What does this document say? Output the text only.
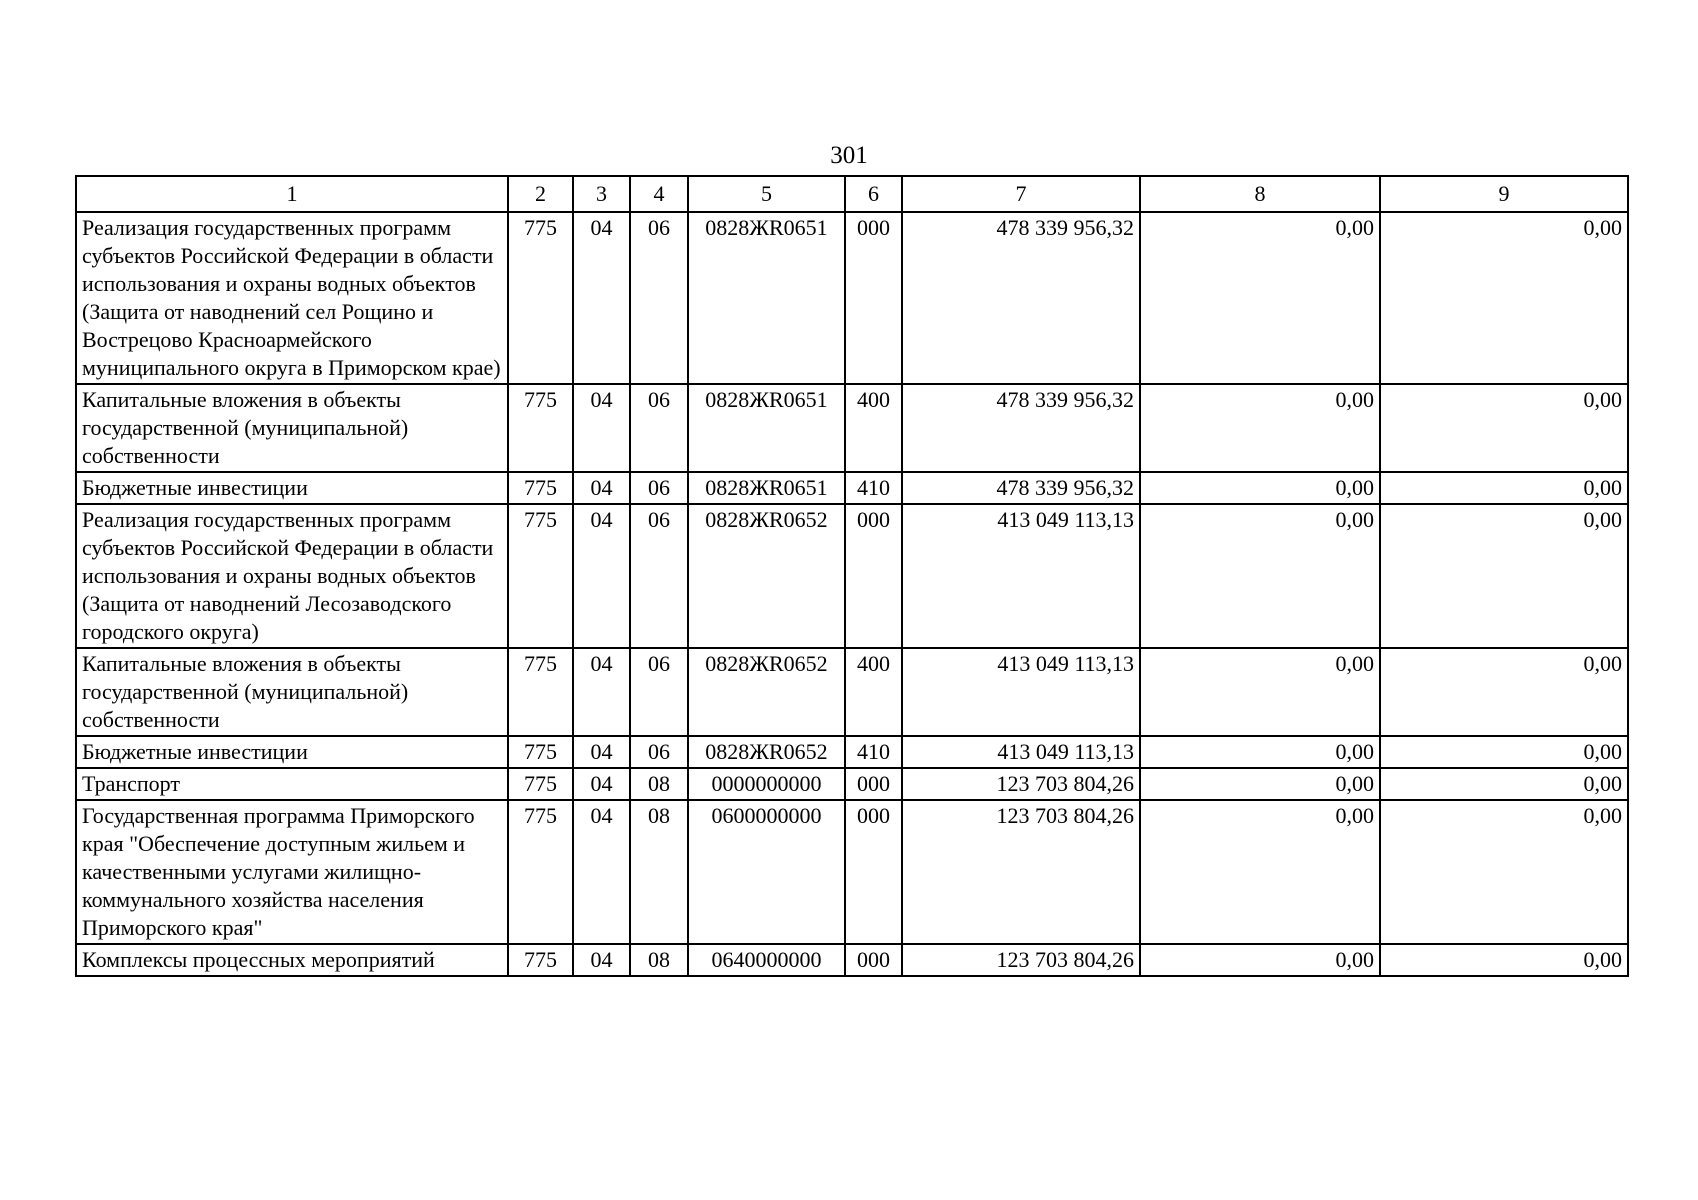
301
1	2	3	4	5	6	7	8	9
Реализация государственных программ субъектов Российской Федерации в области использования и охраны водных объектов (Защита от наводнений сел Рощино и Вострецово Красноармейского муниципального округа в Приморском крае)	775	04	06	0828ЖR0651	000	478 339 956,32	0,00	0,00
Капитальные вложения в объекты государственной (муниципальной) собственности	775	04	06	0828ЖR0651	400	478 339 956,32	0,00	0,00
Бюджетные инвестиции	775	04	06	0828ЖR0651	410	478 339 956,32	0,00	0,00
Реализация государственных программ субъектов Российской Федерации в области использования и охраны водных объектов (Защита от наводнений Лесозаводского городского округа)	775	04	06	0828ЖR0652	000	413 049 113,13	0,00	0,00
Капитальные вложения в объекты государственной (муниципальной) собственности	775	04	06	0828ЖR0652	400	413 049 113,13	0,00	0,00
Бюджетные инвестиции	775	04	06	0828ЖR0652	410	413 049 113,13	0,00	0,00
Транспорт	775	04	08	0000000000	000	123 703 804,26	0,00	0,00
Государственная программа Приморского края "Обеспечение доступным жильем и качественными услугами жилищно-коммунального хозяйства населения Приморского края"	775	04	08	0600000000	000	123 703 804,26	0,00	0,00
Комплексы процессных мероприятий	775	04	08	0640000000	000	123 703 804,26	0,00	0,00
